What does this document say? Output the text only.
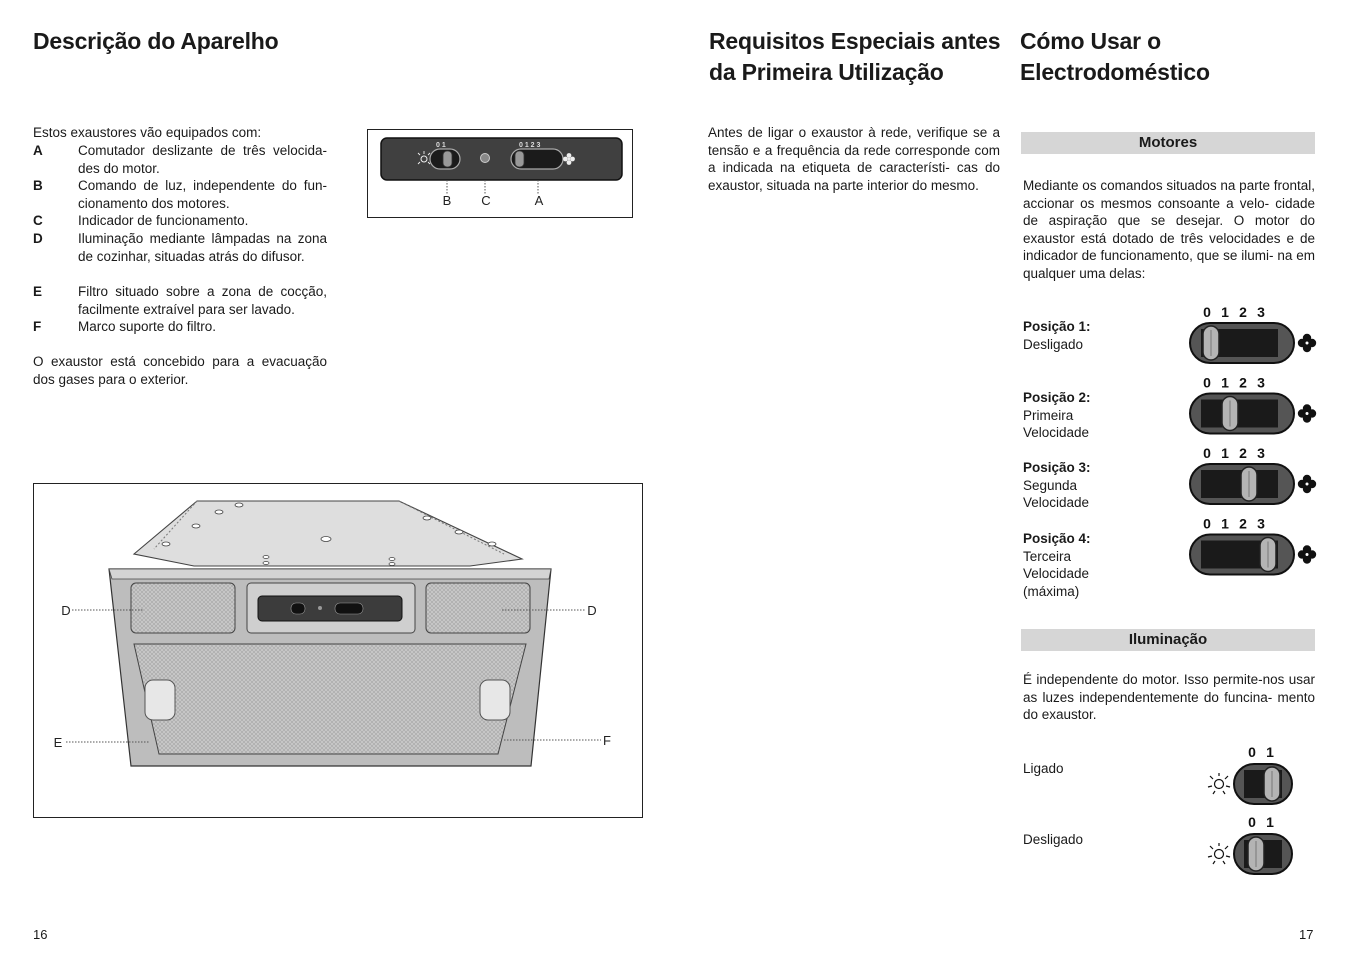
Descrição do Aparelho
Estos exaustores vão equipados com:
A	Comutador deslizante de três velocida- des do motor.
B	Comando de luz, independente do fun- cionamento dos motores.
C	Indicador de funcionamento.
D	Iluminação mediante lâmpadas na zona de cozinhar, situadas atrás do difusor.
E	Filtro situado sobre a zona de cocção, facilmente extraível para ser lavado.
F	Marco suporte do filtro.
O exaustor está concebido para a evacuação dos gases para o exterior.
0 1	0 1 2 3
B C	A
D	D
E	F
16
Requisitos Especiais antes
da Primeira Utilização
Antes de ligar o exaustor à rede, verifique se a tensão e a frequência da rede corresponde com a indicada na etiqueta de característi- cas do exaustor, situada na parte interior do mesmo.
Cómo Usar o
Electrodoméstico
Motores
Mediante os comandos situados na parte frontal, accionar os mesmos consoante a velo- cidade de aspiração que se desejar. O motor do exaustor está dotado de três velocidades e de indicador de funcionamento, que se ilumi- na em qualquer uma delas:
Posição 1:
Desligado
Posição 2:
Primeira
Velocidade
Posição 3:
Segunda
Velocidade
Posição 4:
Terceira
Velocidade
(máxima)
0 1 2 3
0 1 2 3
0 1 2 3
0 1 2 3
Iluminação
É independente do motor. Isso permite-nos usar as luzes independentemente do funcina- mento do exaustor.
Ligado
Desligado
0 1
0 1
17
